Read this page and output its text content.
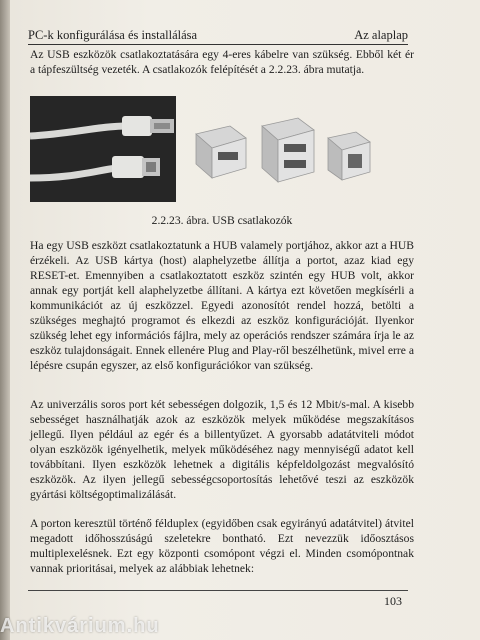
PC-k konfigurálása és installálása	Az alaplap

Az USB eszközök csatlakoztatására egy 4-eres kábelre van szükség. Ebből két ér a tápfeszültség vezeték. A csatlakozók felépítését a 2.2.23. ábra mutatja.

2.2.23. ábra. USB csatlakozók

Ha egy USB eszközt csatlakoztatunk a HUB valamely portjához, akkor azt a HUB érzékeli. Az USB kártya (host) alaphelyzetbe állítja a portot, azaz kiad egy RESET-et. Emennyiben a csatlakoztatott eszköz szintén egy HUB volt, akkor annak egy portját kell alaphelyzetbe állítani. A kártya ezt követően megkísérli a kommunikációt az új eszközzel. Egyedi azonosítót rendel hozzá, betölti a szükséges meghajtó programot és elkezdi az eszköz konfigurációját. Ilyenkor szükség lehet egy információs fájlra, mely az operációs rendszer számára írja le az eszköz tulajdonságait. Ennek ellenére Plug and Play-ről beszélhetünk, mivel erre a lépésre csupán egyszer, az első konfigurációkor van szükség.

Az univerzális soros port két sebességen dolgozik, 1,5 és 12 Mbit/s-mal. A kisebb sebességet használhatják azok az eszközök melyek működése megszakításos jellegű. Ilyen például az egér és a billentyűzet. A gyorsabb adatátviteli módot olyan eszközök igényelhetik, melyek működéséhez nagy mennyiségű adatot kell továbbítani. Ilyen eszközök lehetnek a digitális képfeldolgozást megvalósító eszközök. Az ilyen jellegű sebességcsoportosítás lehetővé teszi az eszközök gyártási költségoptimalizálását.

A porton keresztül történő félduplex (egyidőben csak egyirányú adatátvitel) átvitel megadott időhosszúságú szeletekre bontható. Ezt nevezzük időosztásos multiplexelésnek. Ezt egy központi csomópont végzi el. Minden csomópontnak vannak prioritásai, melyek az alábbiak lehetnek:

103
Antikvárium.hu
